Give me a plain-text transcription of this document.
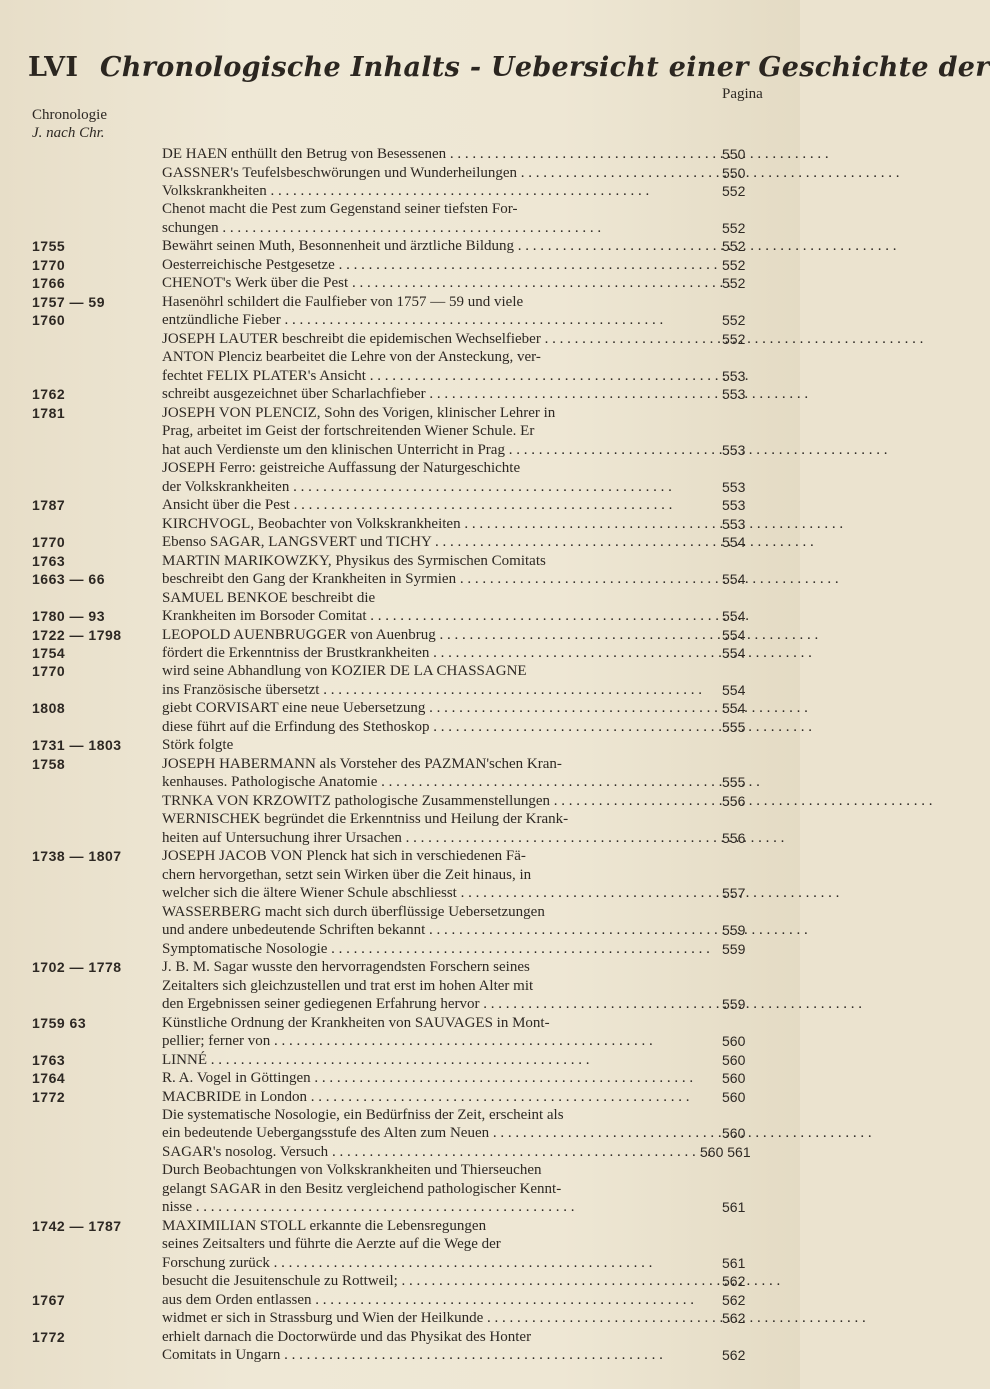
LVI Chronologische Inhalts - Uebersicht einer Geschichte der
Chronologie
J. nach Chr.
Pagina
DE HAEN enthüllt den Betrug von Besessenen . . .	550
GASSNER's Teufelsbeschwörungen und Wunderheilungen . . .	550
Volkskrankheiten . . .	552
Chenot macht die Pest zum Gegenstand seiner tiefsten For-
schungen . . .	552
1755	Bewährt seinen Muth, Besonnenheit und ärztliche Bildung . . .	552
1770	Oesterreichische Pestgesetze . . .	552
1766	CHENOT's Werk über die Pest . . .	552
1757 — 59	Hasenöhrl schildert die Faulfieber von 1757 — 59 und viele
1760	entzündliche Fieber . . .	552
JOSEPH LAUTER beschreibt die epidemischen Wechselfieber . . .	552
ANTON Plenciz bearbeitet die Lehre von der Ansteckung, ver-
fechtet FELIX PLATER's Ansicht . . .	553
1762	schreibt ausgezeichnet über Scharlachfieber . . .	553
1781	JOSEPH VON PLENCIZ, Sohn des Vorigen, klinischer Lehrer in
Prag, arbeitet im Geist der fortschreitenden Wiener Schule. Er
hat auch Verdienste um den klinischen Unterricht in Prag . . .	553
JOSEPH Ferro: geistreiche Auffassung der Naturgeschichte
der Volkskrankheiten . . .	553
1787	Ansicht über die Pest . . .	553
KIRCHVOGL, Beobachter von Volkskrankheiten . . .	553
1770	Ebenso SAGAR, LANGSVERT und TICHY . . .	554
1763	MARTIN MARIKOWZKY, Physikus des Syrmischen Comitats
1663 — 66	beschreibt den Gang der Krankheiten in Syrmien . . .	554
SAMUEL BENKOE beschreibt die
1780 — 93	Krankheiten im Borsoder Comitat . . .	554
1722 — 1798	LEOPOLD AUENBRUGGER von Auenbrug . . .	554
1754	fördert die Erkenntniss der Brustkrankheiten . . .	554
1770	wird seine Abhandlung von KOZIER DE LA CHASSAGNE
ins Französische übersetzt . . .	554
1808	giebt CORVISART eine neue Uebersetzung . . .	554
diese führt auf die Erfindung des Stethoskop . . .	555
1731 — 1803	Störk folgte
1758	JOSEPH HABERMANN als Vorsteher des PAZMAN'schen Kran-
kenhauses. Pathologische Anatomie . . .	555
TRNKA VON KRZOWITZ pathologische Zusammenstellungen . . .	556
WERNISCHEK begründet die Erkenntniss und Heilung der Krank-
heiten auf Untersuchung ihrer Ursachen . . .	556
1738 — 1807	JOSEPH JACOB VON Plenck hat sich in verschiedenen Fä-
chern hervorgethan, setzt sein Wirken über die Zeit hinaus, in
welcher sich die ältere Wiener Schule abschliesst . . .	557
WASSERBERG macht sich durch überflüssige Uebersetzungen
und andere unbedeutende Schriften bekannt . . .	559
Symptomatische Nosologie . . .	559
1702 — 1778	J. B. M. Sagar wusste den hervorragendsten Forschern seines
Zeitalters sich gleichzustellen und trat erst im hohen Alter mit
den Ergebnissen seiner gediegenen Erfahrung hervor . . .	559
1759 63	Künstliche Ordnung der Krankheiten von SAUVAGES in Mont-
pellier; ferner von . . .	560
1763	LINNÉ . . .	560
1764	R. A. Vogel in Göttingen . . .	560
1772	MACBRIDE in London . . .	560
Die systematische Nosologie, ein Bedürfniss der Zeit, erscheint als
ein bedeutende Uebergangsstufe des Alten zum Neuen . . .	560
SAGAR's nosolog. Versuch . . .	560 561
Durch Beobachtungen von Volkskrankheiten und Thierseuchen
gelangt SAGAR in den Besitz vergleichend pathologischer Kennt-
nisse . . .	561
1742 — 1787	MAXIMILIAN STOLL erkannte die Lebensregungen
seines Zeitsalters und führte die Aerzte auf die Wege der
Forschung zurück . . .	561
besucht die Jesuitenschule zu Rottweil; . . .	562
1767	aus dem Orden entlassen . . .	562
widmet er sich in Strassburg und Wien der Heilkunde . . .	562
1772	erhielt darnach die Doctorwürde und das Physikat des Honter
Comitats in Ungarn . . .	562
